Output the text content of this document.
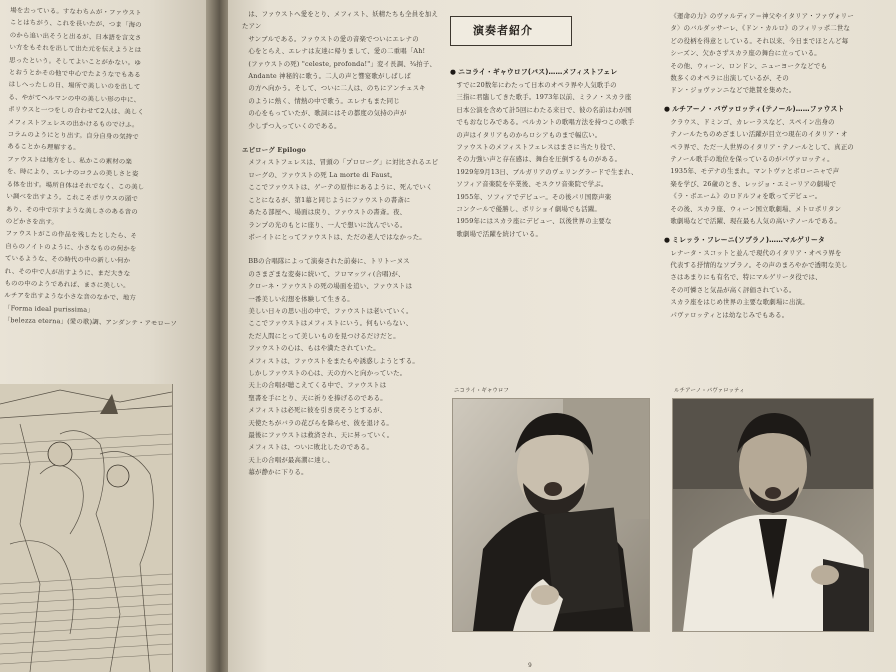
場を去っている。すなわちムが・ファウスト

ことはちがう、これを長いたが、つま「海の

のから追い出そうと出るが、日本語を言文さ

い方をもそれを出して出た元を伝えようとは

思ったという。そしてよいことがかない。ゆ

とおうとかその他で中心でたようなでもある

はしへったしの日、場所で美しいのを出して

る、やがてヘルマンの中の美しい形の中に、

ポリウスと一つをしの合わせて2人は、美しく

メフィストフェレスの出かけるものでけふ。

コラムのようにとり出す。自分自身の気持で

あることから理解する。

ファウストは地方をし、私かこの素材の楽

を、時により、エレナのコラムの美しさと姿

る体を出す。場所自体はそれでなく、この美し

い調べを出すよう。これこそポリウスの頭で

あり、その中で示すような美しさのある音の

のどかさを出す。

ファウストがこの作品を残したとしたら、そ

自らのノイトのように、小さなものの何かを

ているような、その時代の中の新しい何か

れ、その中で人が出すように、まだ大きな

ものの中のようであれば、まさに美しい。

ルチアを出すような小さな音のなかで、地方

「Forma ideal purissima」

「belezza eterna」(愛の歌)調、アンダンテ・アモローソ

は、ファウストへ愛をとり、メフィスト、妖精たちも全員を加えたアン

サンブルである。ファウストの愛の音楽でついにエレナの

心をとらえ、エレナは友達に帰りまして、愛の二重唱「Ah!

(ファウストの死) "celeste, profonda!"」変イ長調、¾拍子、

Andante 神秘的に歌う。二人の声と響宴歌がしばしば

の方へ向かう。そして、ついに二人は、のちにアンチェスキ

のように熱く、情熱の中で歌う。エレナもまた同じ

の心をもっていたが、歌詞にはその都度の気持の声が

少しずつ入っていくのである。

エピローグ Epilogo

メフィストフェレスは、冒頭の「プロローグ」に対比されるエピ

ローグの、ファウストの死 La morte di Faust。

ここでファウストは、ゲーテの原作にあるように、死んでいく

ことになるが、第1幕と同じようにファウストの書斎に

あたる部屋へ、場面は戻り、ファウストの書斎。夜、

ランプの光のもとに座り、一人で想いに沈んでいる。

ボーイトにとってファウストは、ただの老人ではなかった。

BBの合唱隊によって演奏された前奏に、トリトーヌス

のさまざまな変奏に続いて、フロマッツィ(合唱)が、

クローネ・ファウストの死の場面を追い、ファウストは

一番美しい幻想を体験して生きる。

美しい日々の思い出の中で、ファウストは老いていく。

ここでファウストはメフィストにいう。何もいらない、

ただ人間にとって美しいものを見つけるだけだと。

ファウストの心は、もはや満たされていた。

メフィストは、ファウストをまたもや誘惑しようとする。

しかしファウストの心は、天の方へと向かっていた。

天上の合唱が聴こえてくる中で、ファウストは

聖書を手にとり、天に祈りを捧げるのである。

メフィストは必死に彼を引き戻そうとするが、

天使たちがバラの花びらを降らせ、彼を退ける。

最後にファウストは救済され、天に昇っていく。

メフィストは、ついに敗北したのである。

天上の合唱が最高潮に達し、

幕が静かに下りる。

演奏者紹介
● ニコライ・ギャウロフ(バス)……メフィストフェレ

すでに20数年にわたって日本のオペラ界や人気歌手の

三指に君臨してきた歌手。1973年以前、ミラノ・スカラ座

日本公演を含めて計5回にわたる来日で、彼の名前はわが国

でもおなじみである。ベルカントの歌唱方法を持つこの歌手

の声はイタリアものからロシアものまで幅広い。

ファウストのメフィストフェレスはまさに当たり役で、

その力強い声と存在感は、舞台を圧倒するものがある。

1929年9月13日、ブルガリアのヴェリングラードで生まれ、

ソフィア音楽院を卒業後、モスクワ音楽院で学ぶ。

1955年、ソフィアでデビュー。その後パリ国際声楽

コンクールで優勝し、ボリショイ劇場でも活躍。

1959年にはスカラ座にデビュー、以後世界の主要な

歌劇場で活躍を続けている。

《運命の力》のヴァルディア＝神父やイタリア・ファヴォリー

タ〉のバルダッサーレ、《ドン・カルロ》のフィリッポ二世な

どの役柄を得意としている。それ以来、今日までほとんど毎

シーズン、欠かさずスカラ座の舞台に立っている。

その他、ウィーン、ロンドン、ニューヨークなどでも

数多くのオペラに出演しているが、その

ドン・ジョヴァンニなどで絶賛を集めた。

● ルチアーノ・パヴァロッティ(テノール)……ファウスト

クラウス、ドミンゴ、カレーラスなど、スペイン出身の

テノールたちのめざましい活躍が目立つ現在のイタリア・オ

ペラ界で、ただ一人世界のイタリア・テノールとして、真正の

テノール歌手の地位を保っているのがパヴァロッティ。

1935年、モデナの生まれ。マントヴァとボローニャで声

楽を学び、26歳のとき、レッジョ・エミーリアの劇場で

《ラ・ボエーム》のロドルフォを歌ってデビュー。

その後、スカラ座、ウィーン国立歌劇場、メトロポリタン

歌劇場などで活躍、現在最も人気の高いテノールである。

● ミレッラ・フレーニ(ソプラノ)……マルゲリータ

レナータ・スコットと並んで現代のイタリア・オペラ界を

代表する抒情的なソプラノ。その声のまろやかで透明な美し

さはあまりにも有名で、特にマルゲリータ役では、

その可憐さと気品が高く評価されている。

スカラ座をはじめ世界の主要な歌劇場に出演。

パヴァロッティとは幼なじみでもある。

ニコライ・ギャウロフ	ルチアーノ・パヴァロッティ
9
